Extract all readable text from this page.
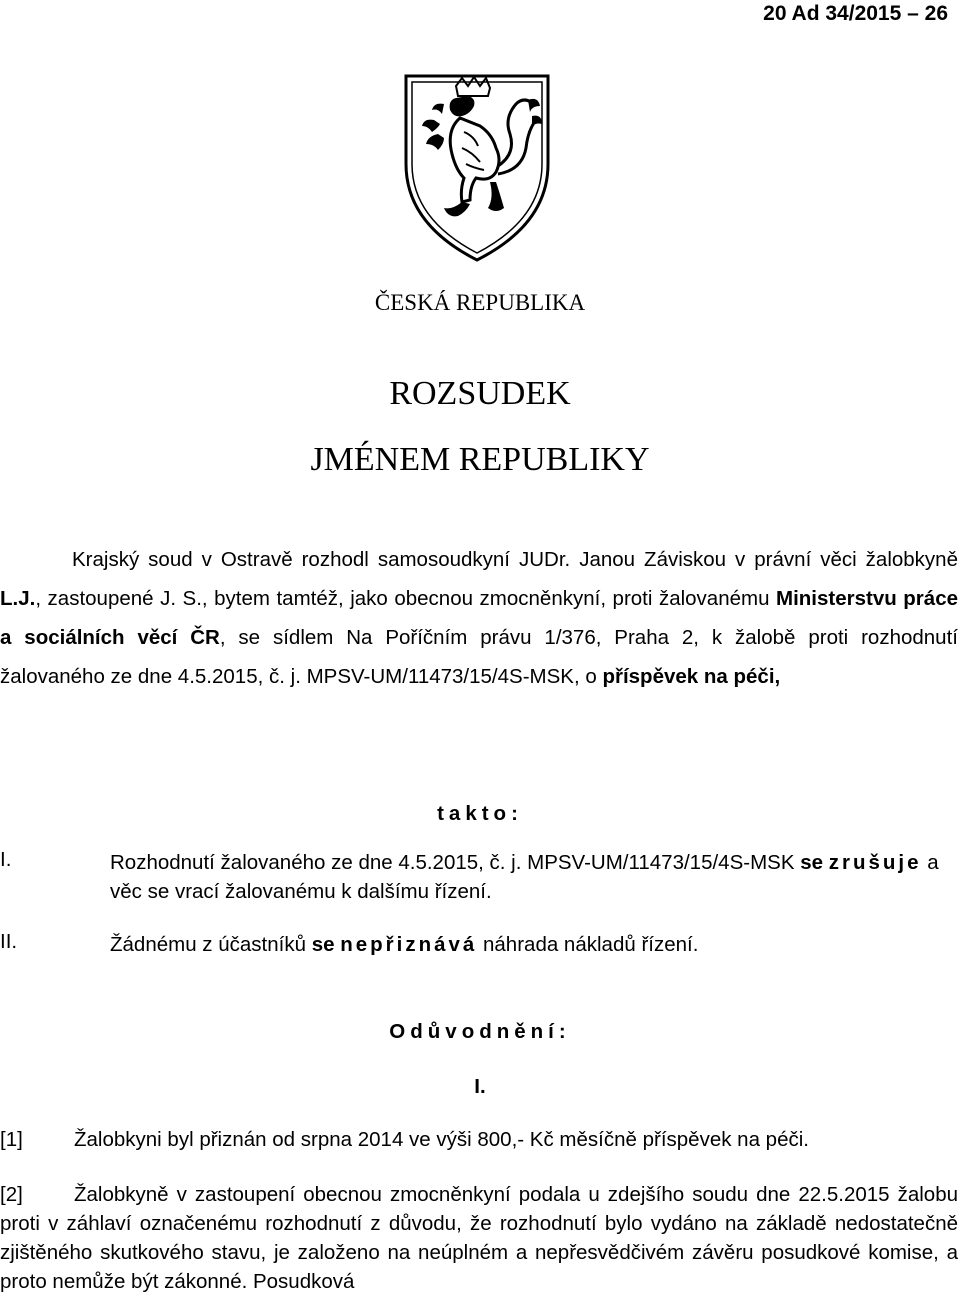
20 Ad 34/2015 – 26
ČESKÁ REPUBLIKA
ROZSUDEK
JMÉNEM REPUBLIKY
Krajský soud v Ostravě rozhodl samosoudkyní JUDr. Janou Záviskou v právní věci žalobkyně L.J., zastoupené J. S., bytem tamtéž, jako obecnou zmocněnkyní, proti žalovanému Ministerstvu práce a sociálních věcí ČR, se sídlem Na Poříčním právu 1/376, Praha 2, k žalobě proti rozhodnutí žalovaného ze dne 4.5.2015, č. j. MPSV-UM/11473/15/4S-MSK, o příspěvek na péči,
takto:
I.	Rozhodnutí žalovaného ze dne 4.5.2015, č. j. MPSV-UM/11473/15/4S-MSK se zrušuje a věc se vrací žalovanému k dalšímu řízení.
II.	Žádnému z účastníků se nepřiznává náhrada nákladů řízení.
Odůvodnění:
I.
[1] Žalobkyni byl přiznán od srpna 2014 ve výši 800,- Kč měsíčně příspěvek na péči.
[2] Žalobkyně v zastoupení obecnou zmocněnkyní podala u zdejšího soudu dne 22.5.2015 žalobu proti v záhlaví označenému rozhodnutí z důvodu, že rozhodnutí bylo vydáno na základě nedostatečně zjištěného skutkového stavu, je založeno na neúplném a nepřesvědčivém závěru posudkové komise, a proto nemůže být zákonné. Posudková
